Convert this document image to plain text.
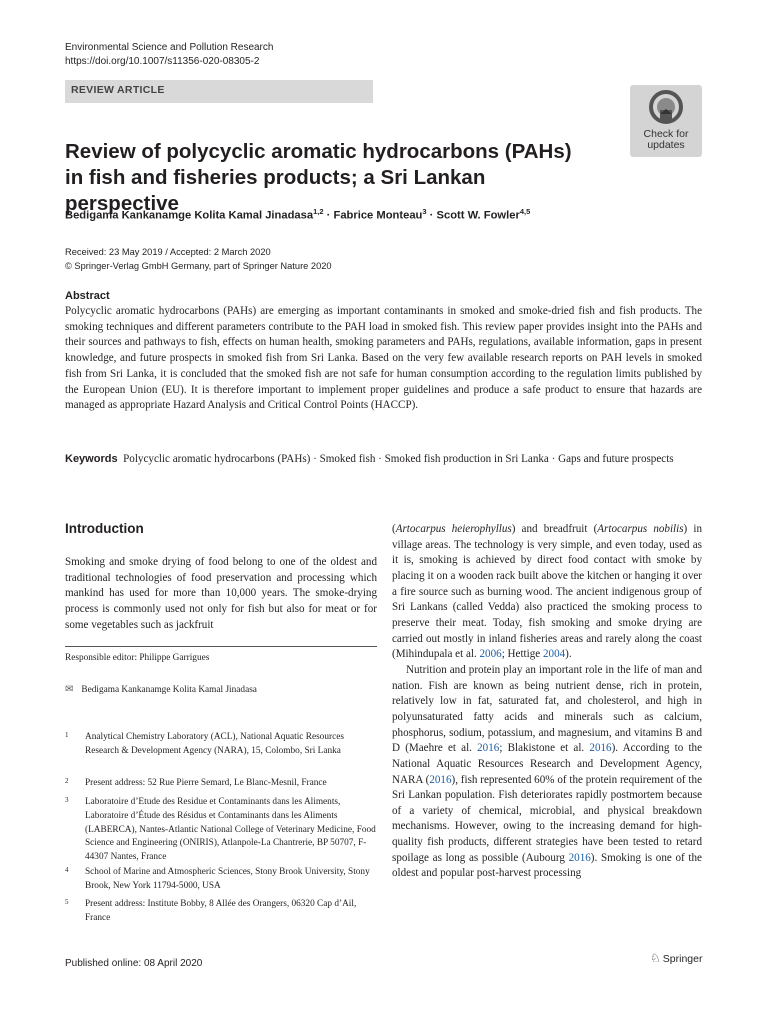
Environmental Science and Pollution Research
https://doi.org/10.1007/s11356-020-08305-2
REVIEW ARTICLE
Check for
updates
Review of polycyclic aromatic hydrocarbons (PAHs) in fish and fisheries products; a Sri Lankan perspective
Bedigama Kankanamge Kolita Kamal Jinadasa$^{1,2}$ · Fabrice Monteau$^3$ · Scott W. Fowler$^{4,5}$
Received: 23 May 2019 / Accepted: 2 March 2020
© Springer-Verlag GmbH Germany, part of Springer Nature 2020
Abstract
Polycyclic aromatic hydrocarbons (PAHs) are emerging as important contaminants in smoked and smoke-dried fish and fish products. The smoking techniques and different parameters contribute to the PAH load in smoked fish. This review paper provides insight into the PAHs and their sources and pathways to fish, effects on human health, smoking parameters and PAHs, regulations, available information, gaps in present knowledge, and future prospects in smoked fish from Sri Lanka. Based on the very few available research reports on PAH levels in smoked fish from Sri Lanka, it is concluded that the smoked fish are not safe for human consumption according to the regulation limits published by the European Union (EU). It is therefore important to implement proper guidelines and produce a safe product to ensure that hazards are managed as appropriate Hazard Analysis and Critical Control Points (HACCP).
Keywords Polycyclic aromatic hydrocarbons (PAHs) · Smoked fish · Smoked fish production in Sri Lanka · Gaps and future prospects
Introduction

Smoking and smoke drying of food belong to one of the oldest and traditional technologies of food preservation and processing which mankind has used for more than 10,000 years. The smoke-drying process is commonly used not only for fish but also for meat or for some vegetables such as jackfruit

Responsible editor: Philippe Garrigues
✉ Bedigama Kankanamge Kolita Kamal Jinadasa
1 Analytical Chemistry Laboratory (ACL), National Aquatic Resources Research & Development Agency (NARA), 15, Colombo, Sri Lanka
2 Present address: 52 Rue Pierre Semard, Le Blanc-Mesnil, France
3 Laboratoire d’Etude des Residue et Contaminants dans les Aliments, Laboratoire d’Étude des Résidus et Contaminants dans les Aliments (LABERCA), Nantes-Atlantic National College of Veterinary Medicine, Food Science and Engineering (ONIRIS), Atlanpole-La Chantrerie, BP 50707, F-44307 Nantes, France
4 School of Marine and Atmospheric Sciences, Stony Brook University, Stony Brook, New York 11794-5000, USA
5 Present address: Institute Bobby, 8 Allée des Orangers, 06320 Cap d’Ail, France

(Artocarpus heierophyllus) and breadfruit (Artocarpus nobilis) in village areas. The technology is very simple, and even today, used as it is, smoking is achieved by direct food contact with smoke by placing it on a wooden rack built above the kitchen or hanging it over a fire source such as burning wood. The ancient indigenous group of Sri Lankans (called Vedda) also practiced the smoking process to preserve their meat. Today, fish smoking and smoke drying are carried out mostly in inland fisheries areas and rarely along the coast (Mihindupala et al. 2006; Hettige 2004).

Nutrition and protein play an important role in the life of man and nation. Fish are known as being nutrient dense, rich in protein, relatively low in fat, saturated fat, and cholesterol, and high in polyunsaturated fatty acids and minerals such as calcium, phosphorus, sodium, potassium, and magnesium, and vitamins B and D (Maehre et al. 2016; Blakistone et al. 2016). According to the National Aquatic Resources Research and Development Agency, NARA (2016), fish represented 60% of the protein requirement of the Sri Lankan population. Fish deteriorates rapidly postmortem because of a variety of chemical, microbial, and physical breakdown mechanisms. However, owing to the increasing demand for high-quality fish products, different strategies have been tested to retard spoilage as long as possible (Aubourg 2016). Smoking is one of the oldest and popular post-harvest processing

Published online: 08 April 2020	♘ Springer
